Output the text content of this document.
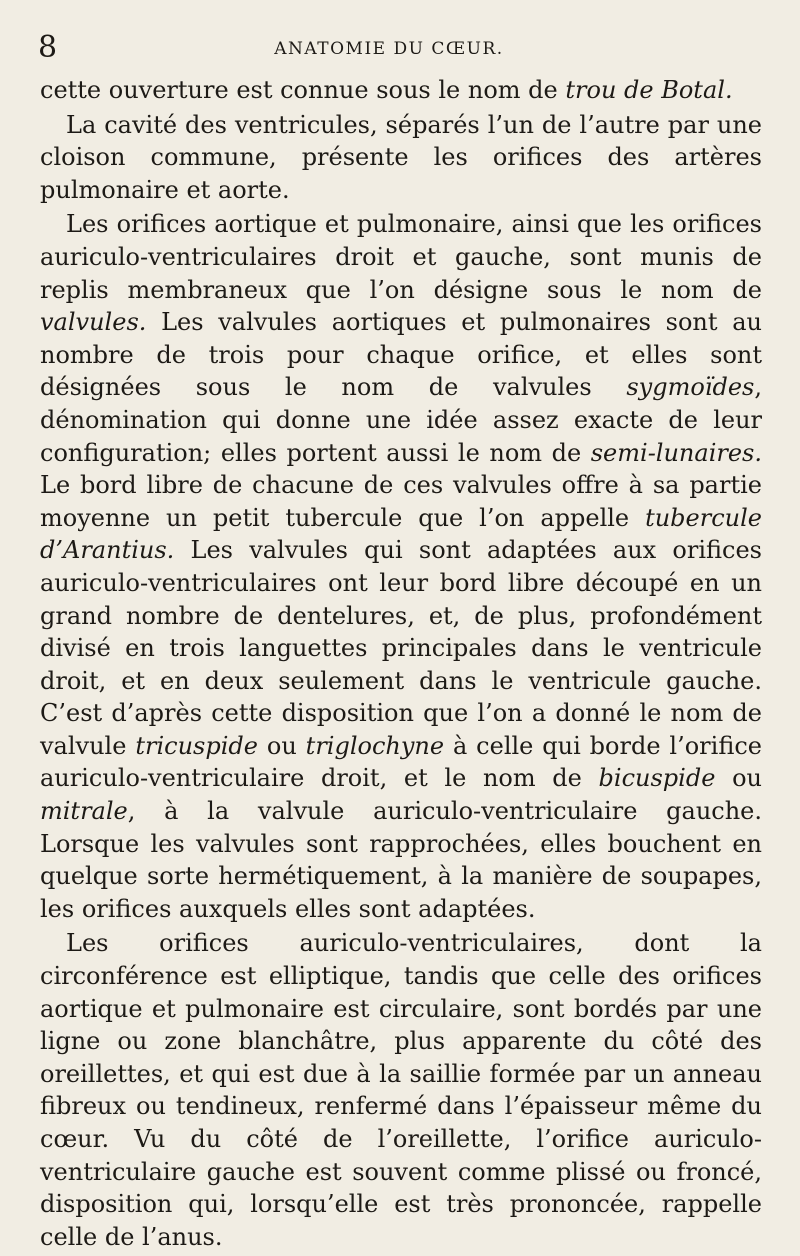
8	ANATOMIE DU CŒUR.

cette ouverture est connue sous le nom de trou de Botal.

La cavité des ventricules, séparés l’un de l’autre par une cloison commune, présente les orifices des artères pulmonaire et aorte.

Les orifices aortique et pulmonaire, ainsi que les orifices auriculo-ventriculaires droit et gauche, sont munis de replis membraneux que l’on désigne sous le nom de valvules. Les valvules aortiques et pulmonaires sont au nombre de trois pour chaque orifice, et elles sont désignées sous le nom de valvules sygmoïdes, dénomination qui donne une idée assez exacte de leur configuration; elles portent aussi le nom de semi-lunaires. Le bord libre de chacune de ces valvules offre à sa partie moyenne un petit tubercule que l’on appelle tubercule d’Arantius. Les valvules qui sont adaptées aux orifices auriculo-ventriculaires ont leur bord libre découpé en un grand nombre de dentelures, et, de plus, profondément divisé en trois languettes principales dans le ventricule droit, et en deux seulement dans le ventricule gauche. C’est d’après cette disposition que l’on a donné le nom de valvule tricuspide ou triglochyne à celle qui borde l’orifice auriculo-ventriculaire droit, et le nom de bicuspide ou mitrale, à la valvule auriculo-ventriculaire gauche. Lorsque les valvules sont rapprochées, elles bouchent en quelque sorte hermétiquement, à la manière de soupapes, les orifices auxquels elles sont adaptées.

Les orifices auriculo-ventriculaires, dont la circonférence est elliptique, tandis que celle des orifices aortique et pulmonaire est circulaire, sont bordés par une ligne ou zone blanchâtre, plus apparente du côté des oreillettes, et qui est due à la saillie formée par un anneau fibreux ou tendineux, renfermé dans l’épaisseur même du cœur. Vu du côté de l’oreillette, l’orifice auriculo-ventriculaire gauche est souvent comme plissé ou froncé, disposition qui, lorsqu’elle est très prononcée, rappelle celle de l’anus.
